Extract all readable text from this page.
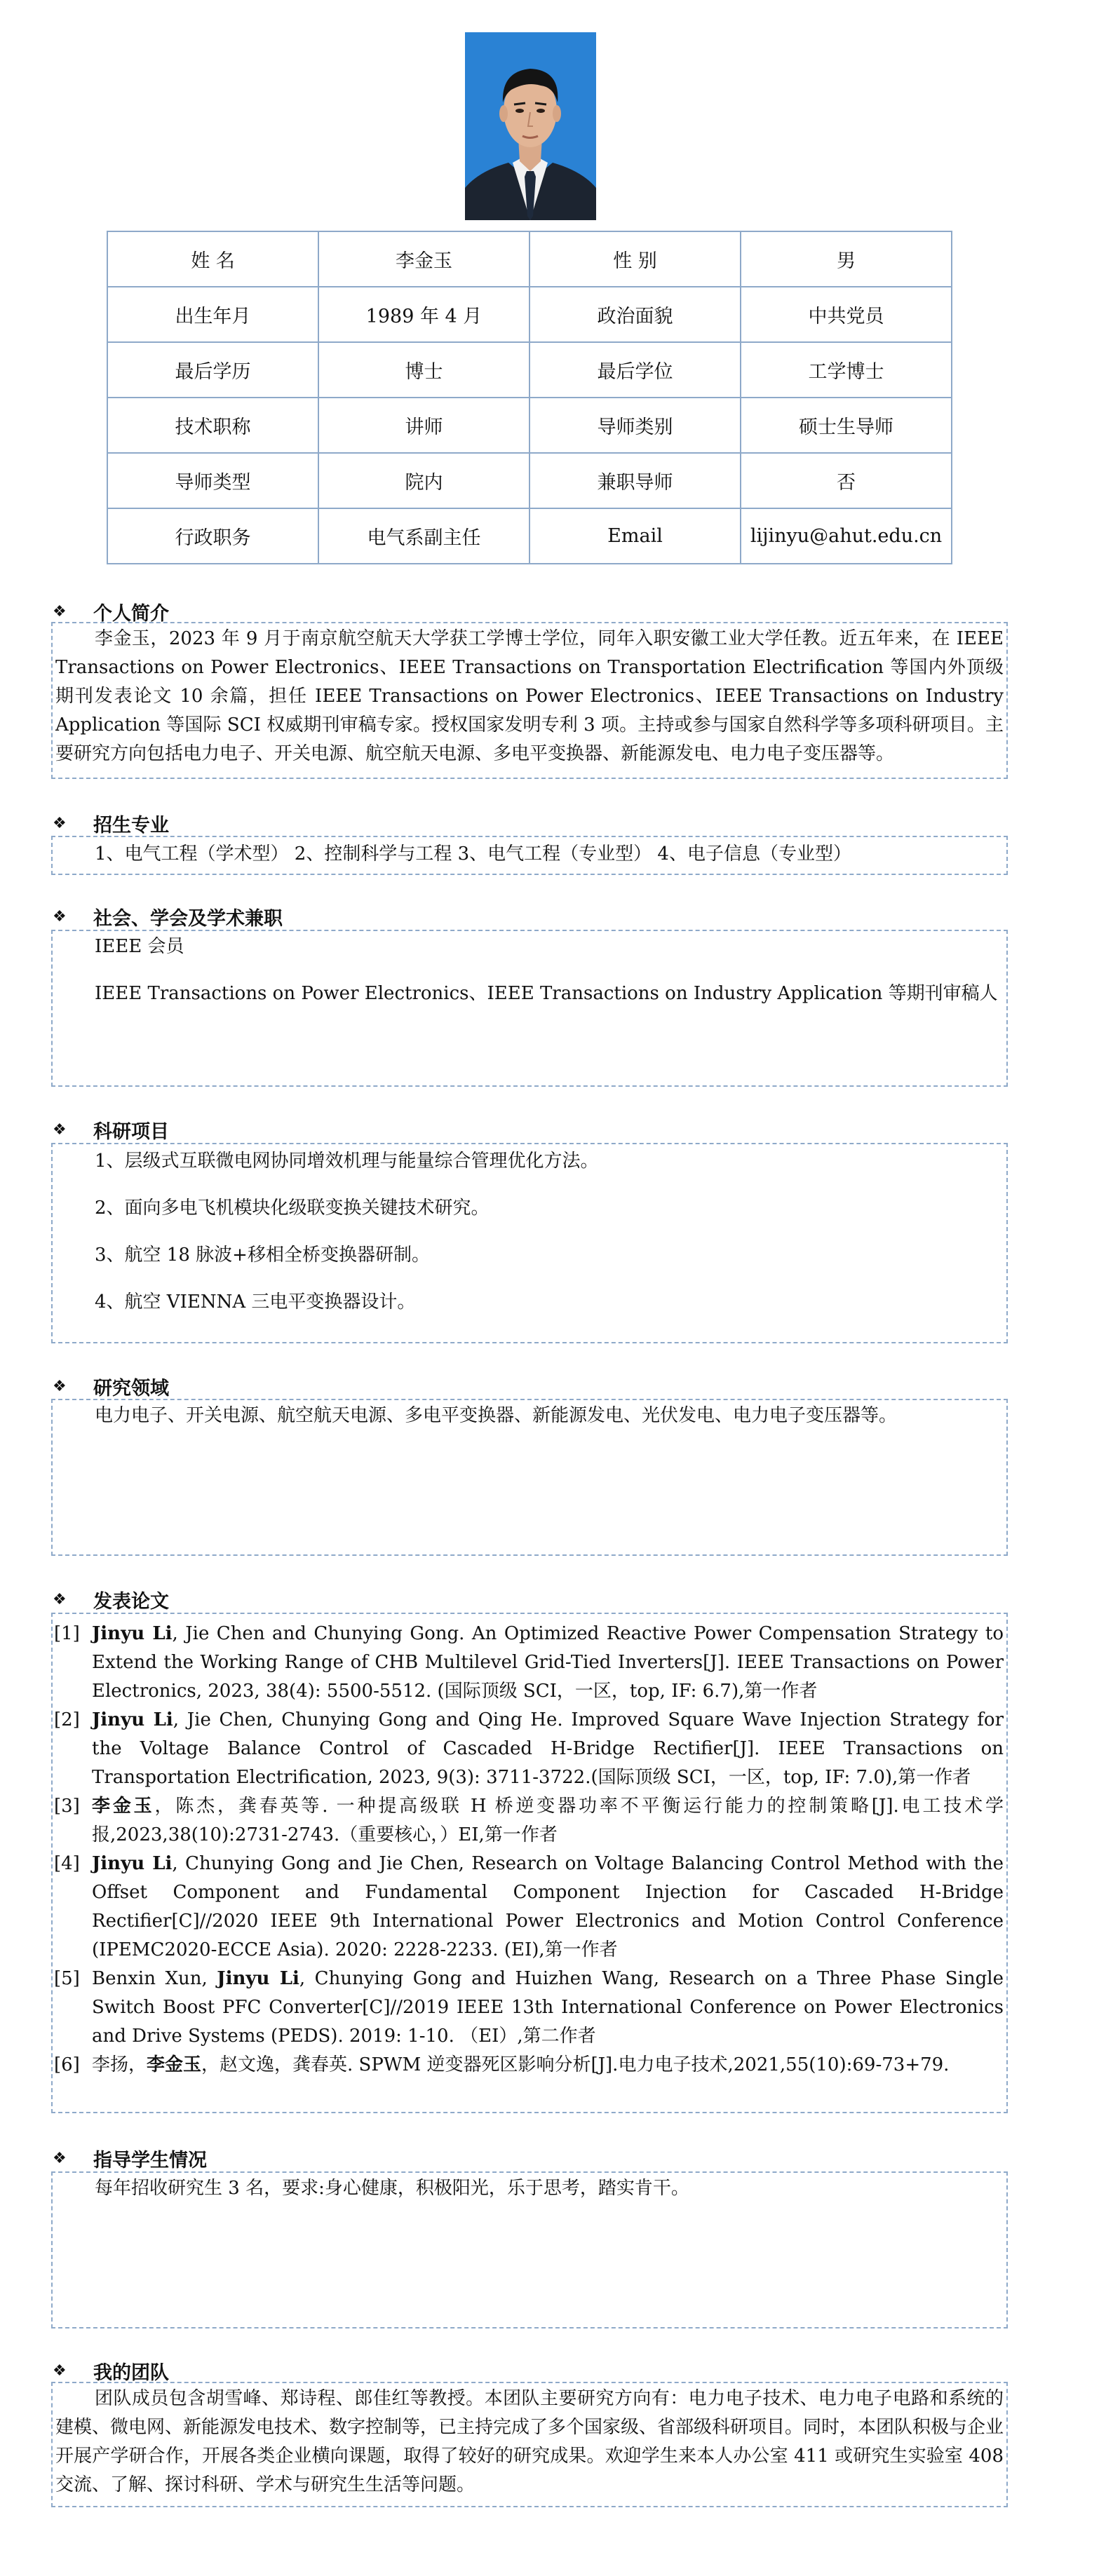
姓 名	李金玉	性 别	男
出生年月	1989 年 4 月	政治面貌	中共党员
最后学历	博士	最后学位	工学博士
技术职称	讲师	导师类别	硕士生导师
导师类型	院内	兼职导师	否
行政职务	电气系副主任	Email	lijinyu@ahut.edu.cn
❖	个人简介
李金玉，2023 年 9 月于南京航空航天大学获工学博士学位，同年入职安徽工业大学任教。近五年来，在 IEEE Transactions on Power Electronics、IEEE Transactions on Transportation Electrification 等国内外顶级期刊发表论文 10 余篇，担任 IEEE Transactions on Power Electronics、IEEE Transactions on Industry Application 等国际 SCI 权威期刊审稿专家。授权国家发明专利 3 项。主持或参与国家自然科学等多项科研项目。主要研究方向包括电力电子、开关电源、航空航天电源、多电平变换器、新能源发电、电力电子变压器等。
❖	招生专业
1、电气工程（学术型） 2、控制科学与工程 3、电气工程（专业型） 4、电子信息（专业型）
❖	社会、学会及学术兼职
IEEE 会员
IEEE Transactions on Power Electronics、IEEE Transactions on Industry Application 等期刊审稿人
❖	科研项目
1、层级式互联微电网协同增效机理与能量综合管理优化方法。
2、面向多电飞机模块化级联变换关键技术研究。
3、航空 18 脉波+移相全桥变换器研制。
4、航空 VIENNA 三电平变换器设计。
❖	研究领域
电力电子、开关电源、航空航天电源、多电平变换器、新能源发电、光伏发电、电力电子变压器等。
❖	发表论文
[1] Jinyu Li, Jie Chen and Chunying Gong. An Optimized Reactive Power Compensation Strategy to Extend the Working Range of CHB Multilevel Grid-Tied Inverters[J]. IEEE Transactions on Power Electronics, 2023, 38(4): 5500-5512. (国际顶级 SCI，一区，top, IF: 6.7),第一作者
[2] Jinyu Li, Jie Chen, Chunying Gong and Qing He. Improved Square Wave Injection Strategy for the Voltage Balance Control of Cascaded H-Bridge Rectifier[J]. IEEE Transactions on Transportation Electrification, 2023, 9(3): 3711-3722.(国际顶级 SCI，一区，top, IF: 7.0),第一作者
[3] 李金玉，陈杰，龚春英等. 一种提高级联 H 桥逆变器功率不平衡运行能力的控制策略[J].电工技术学报,2023,38(10):2731-2743.（重要核心，）EI,第一作者
[4] Jinyu Li, Chunying Gong and Jie Chen, Research on Voltage Balancing Control Method with the Offset Component and Fundamental Component Injection for Cascaded H-Bridge Rectifier[C]//2020 IEEE 9th International Power Electronics and Motion Control Conference (IPEMC2020-ECCE Asia). 2020: 2228-2233. (EI),第一作者
[5] Benxin Xun, Jinyu Li, Chunying Gong and Huizhen Wang, Research on a Three Phase Single Switch Boost PFC Converter[C]//2019 IEEE 13th International Conference on Power Electronics and Drive Systems (PEDS). 2019: 1-10. （EI）,第二作者
[6] 李扬，李金玉，赵文逸，龚春英. SPWM 逆变器死区影响分析[J].电力电子技术,2021,55(10):69-73+79.
❖	指导学生情况
每年招收研究生 3 名，要求:身心健康，积极阳光，乐于思考，踏实肯干。
❖	我的团队
团队成员包含胡雪峰、郑诗程、郎佳红等教授。本团队主要研究方向有：电力电子技术、电力电子电路和系统的建模、微电网、新能源发电技术、数字控制等，已主持完成了多个国家级、省部级科研项目。同时，本团队积极与企业开展产学研合作，开展各类企业横向课题，取得了较好的研究成果。欢迎学生来本人办公室 411 或研究生实验室 408 交流、了解、探讨科研、学术与研究生生活等问题。
